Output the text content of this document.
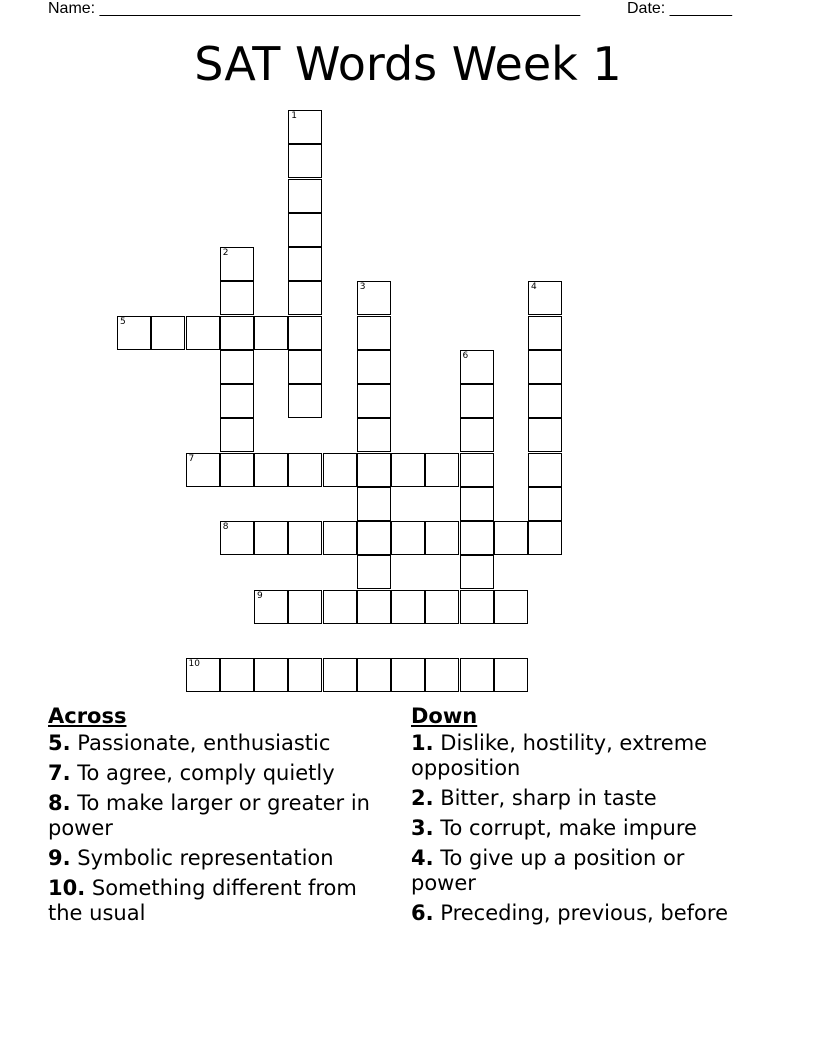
Name: ______________________________________________________	Date: _______
SAT Words Week 1
1
2
3	4
5
6
7
8
9
10
Across
5. Passionate, enthusiastic
7. To agree, comply quietly
8. To make larger or greater in power
9. Symbolic representation
10. Something different from the usual
Down
1. Dislike, hostility, extreme opposition
2. Bitter, sharp in taste
3. To corrupt, make impure
4. To give up a position or power
6. Preceding, previous, before
